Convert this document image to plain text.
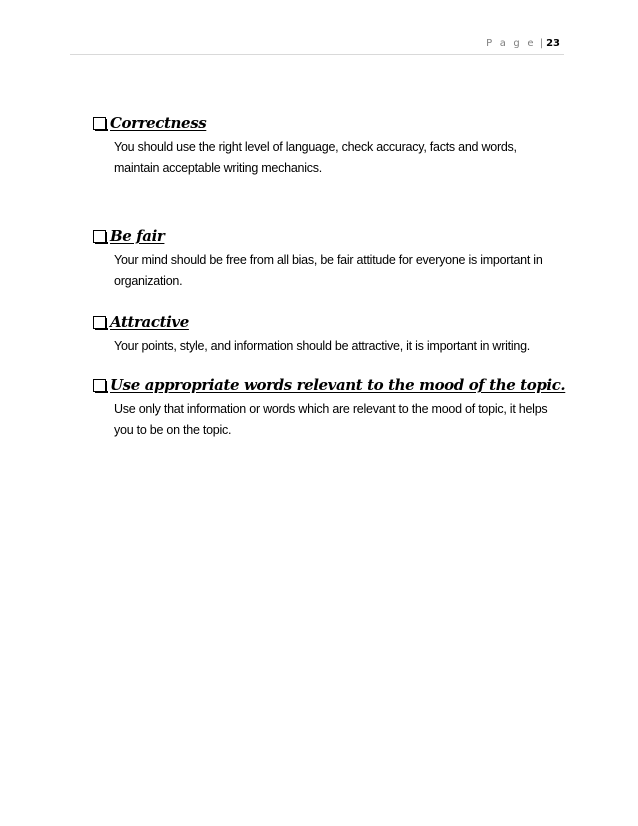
P a g e | 23
Correctness
You should use the right level of language, check accuracy, facts and words, maintain acceptable writing mechanics.
Be fair
Your mind should be free from all bias, be fair attitude for everyone is important in organization.
Attractive
Your points, style, and information should be attractive, it is important in writing.
Use appropriate words relevant to the mood of the topic.
Use only that information or words which are relevant to the mood of topic, it helps you to be on the topic.
